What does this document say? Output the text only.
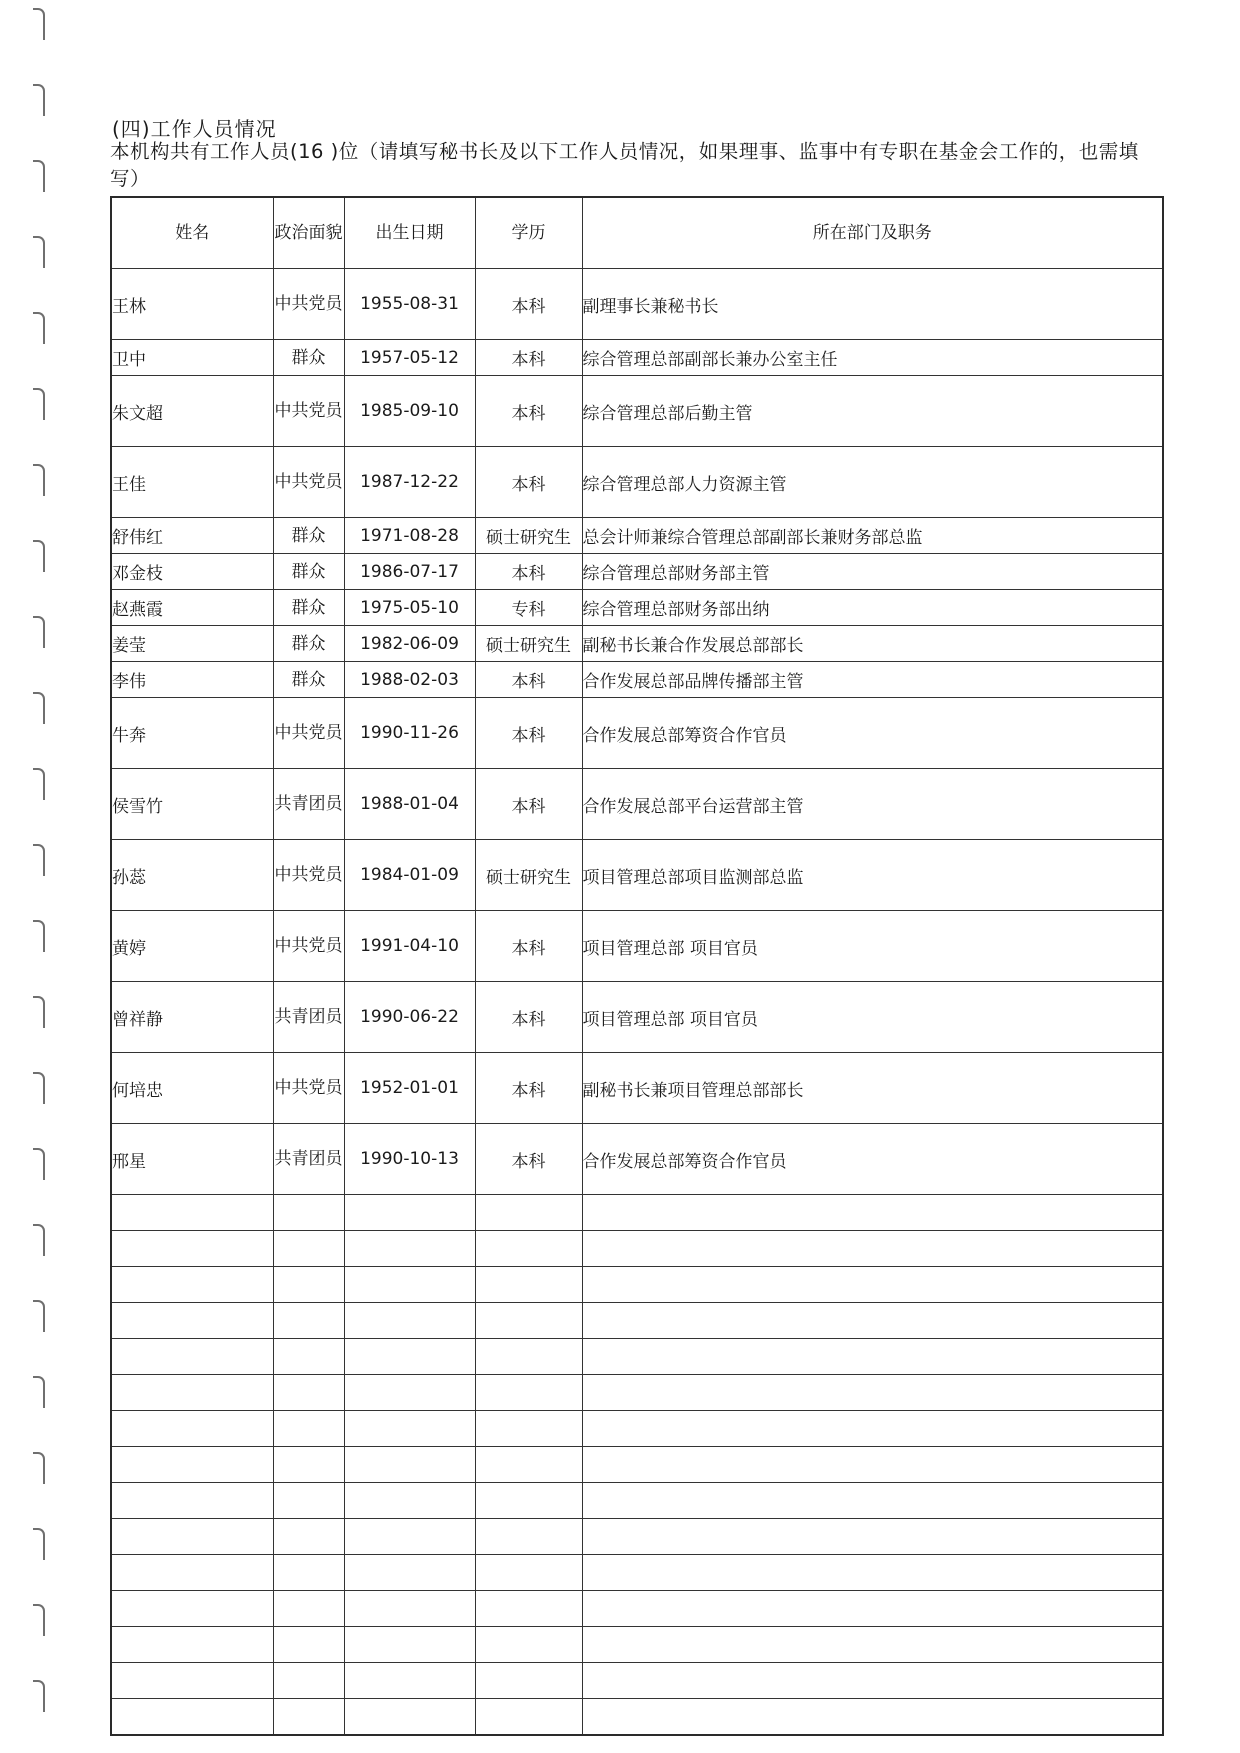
(四)工作人员情况
本机构共有工作人员(16 )位（请填写秘书长及以下工作人员情况，如果理事、监事中有专职在基金会工作的，也需填写）
姓名	政治面貌	出生日期	学历	所在部门及职务
王林	中共党员	1955-08-31	本科	副理事长兼秘书长
卫中	群众	1957-05-12	本科	综合管理总部副部长兼办公室主任
朱文超	中共党员	1985-09-10	本科	综合管理总部后勤主管
王佳	中共党员	1987-12-22	本科	综合管理总部人力资源主管
舒伟红	群众	1971-08-28	硕士研究生	总会计师兼综合管理总部副部长兼财务部总监
邓金枝	群众	1986-07-17	本科	综合管理总部财务部主管
赵燕霞	群众	1975-05-10	专科	综合管理总部财务部出纳
姜莹	群众	1982-06-09	硕士研究生	副秘书长兼合作发展总部部长
李伟	群众	1988-02-03	本科	合作发展总部品牌传播部主管
牛奔	中共党员	1990-11-26	本科	合作发展总部筹资合作官员
侯雪竹	共青团员	1988-01-04	本科	合作发展总部平台运营部主管
孙蕊	中共党员	1984-01-09	硕士研究生	项目管理总部项目监测部总监
黄婷	中共党员	1991-04-10	本科	项目管理总部 项目官员
曾祥静	共青团员	1990-06-22	本科	项目管理总部 项目官员
何培忠	中共党员	1952-01-01	本科	副秘书长兼项目管理总部部长
邢星	共青团员	1990-10-13	本科	合作发展总部筹资合作官员
